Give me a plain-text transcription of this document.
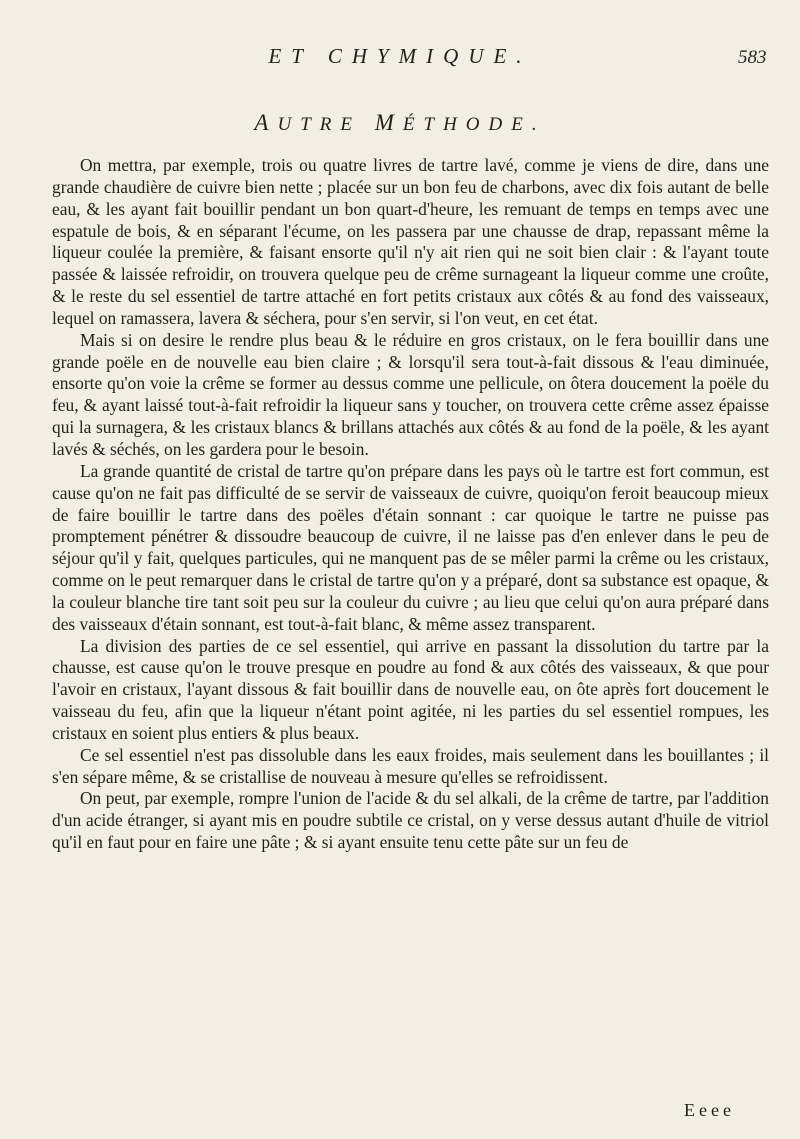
ET CHYMIQUE.	583
AUTRE MÉTHODE.

On mettra, par exemple, trois ou quatre livres de tartre lavé, comme je viens de dire, dans une grande chaudière de cuivre bien nette ; placée sur un bon feu de charbons, avec dix fois autant de belle eau, & les ayant fait bouillir pendant un bon quart-d'heure, les remuant de temps en temps avec une espatule de bois, & en séparant l'écume, on les passera par une chausse de drap, repassant même la liqueur coulée la première, & faisant ensorte qu'il n'y ait rien qui ne soit bien clair : & l'ayant toute passée & laissée refroidir, on trouvera quelque peu de crême surnageant la liqueur comme une croûte, & le reste du sel essentiel de tartre attaché en fort petits cristaux aux côtés & au fond des vaisseaux, lequel on ramassera, lavera & séchera, pour s'en servir, si l'on veut, en cet état.

Mais si on desire le rendre plus beau & le réduire en gros cristaux, on le fera bouillir dans une grande poële en de nouvelle eau bien claire ; & lorsqu'il sera tout-à-fait dissous & l'eau diminuée, ensorte qu'on voie la crême se former au dessus comme une pellicule, on ôtera doucement la poële du feu, & ayant laissé tout-à-fait refroidir la liqueur sans y toucher, on trouvera cette crême assez épaisse qui la surnagera, & les cristaux blancs & brillans attachés aux côtés & au fond de la poële, & les ayant lavés & séchés, on les gardera pour le besoin.

La grande quantité de cristal de tartre qu'on prépare dans les pays où le tartre est fort commun, est cause qu'on ne fait pas difficulté de se servir de vaisseaux de cuivre, quoiqu'on feroit beaucoup mieux de faire bouillir le tartre dans des poëles d'étain sonnant : car quoique le tartre ne puisse pas promptement pénétrer & dissoudre beaucoup de cuivre, il ne laisse pas d'en enlever dans le peu de séjour qu'il y fait, quelques particules, qui ne manquent pas de se mêler parmi la crême ou les cristaux, comme on le peut remarquer dans le cristal de tartre qu'on y a préparé, dont sa substance est opaque, & la couleur blanche tire tant soit peu sur la couleur du cuivre ; au lieu que celui qu'on aura préparé dans des vaisseaux d'étain sonnant, est tout-à-fait blanc, & même assez transparent.

La division des parties de ce sel essentiel, qui arrive en passant la dissolution du tartre par la chausse, est cause qu'on le trouve presque en poudre au fond & aux côtés des vaisseaux, & que pour l'avoir en cristaux, l'ayant dissous & fait bouillir dans de nouvelle eau, on ôte après fort doucement le vaisseau du feu, afin que la liqueur n'étant point agitée, ni les parties du sel essentiel rompues, les cristaux en soient plus entiers & plus beaux.

Ce sel essentiel n'est pas dissoluble dans les eaux froides, mais seulement dans les bouillantes ; il s'en sépare même, & se cristallise de nouveau à mesure qu'elles se refroidissent.

On peut, par exemple, rompre l'union de l'acide & du sel alkali, de la crême de tartre, par l'addition d'un acide étranger, si ayant mis en poudre subtile ce cristal, on y verse dessus autant d'huile de vitriol qu'il en faut pour en faire une pâte ; & si ayant ensuite tenu cette pâte sur un feu de

Eeee
